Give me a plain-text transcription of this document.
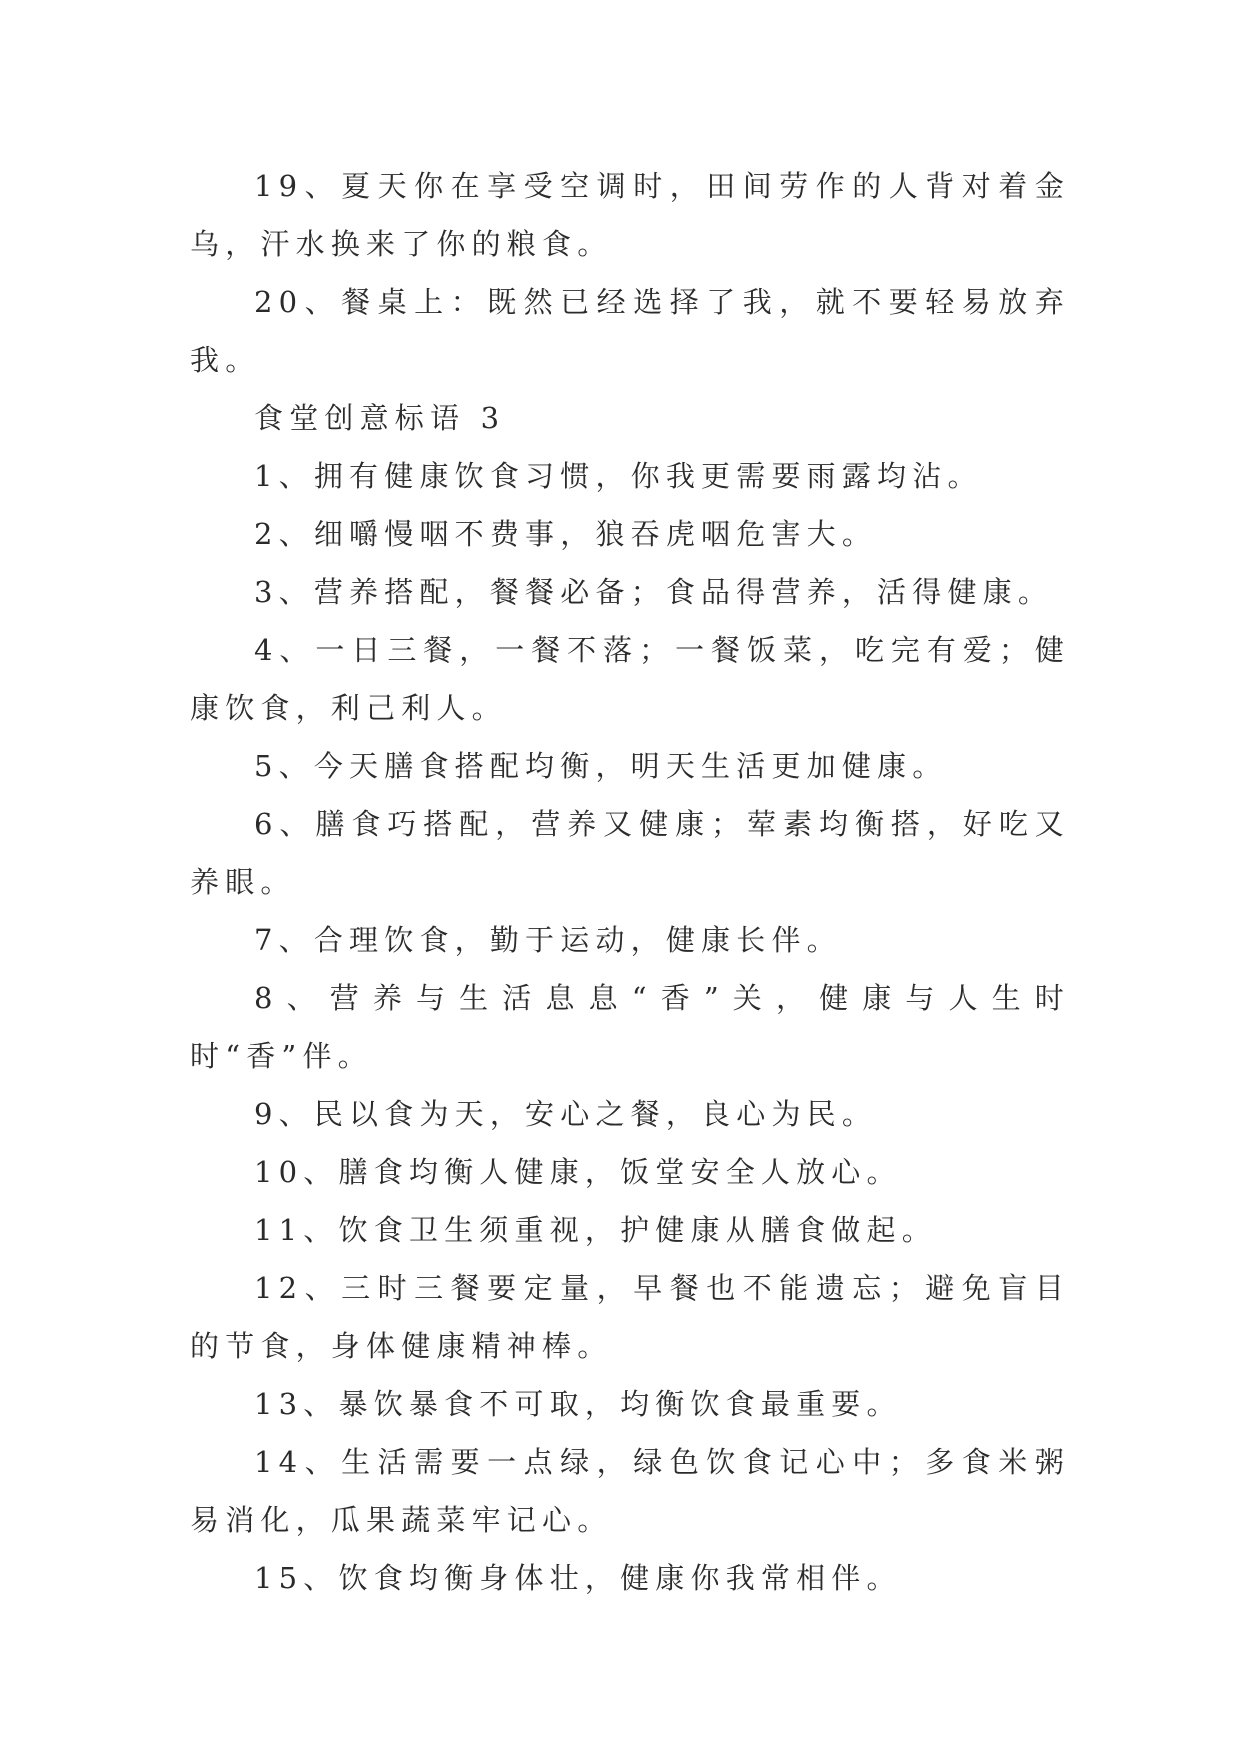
19、夏天你在享受空调时，田间劳作的人背对着金乌，汗水换来了你的粮食。

20、餐桌上：既然已经选择了我，就不要轻易放弃我。

食堂创意标语 3

1、拥有健康饮食习惯，你我更需要雨露均沾。

2、细嚼慢咽不费事，狼吞虎咽危害大。

3、营养搭配，餐餐必备；食品得营养，活得健康。

4、一日三餐，一餐不落；一餐饭菜，吃完有爱；健康饮食，利己利人。

5、今天膳食搭配均衡，明天生活更加健康。

6、膳食巧搭配，营养又健康；荤素均衡搭，好吃又养眼。

7、合理饮食，勤于运动，健康长伴。

8、营养与生活息息“香”关，健康与人生时时“香”伴。

9、民以食为天，安心之餐，良心为民。

10、膳食均衡人健康，饭堂安全人放心。

11、饮食卫生须重视，护健康从膳食做起。

12、三时三餐要定量，早餐也不能遗忘；避免盲目的节食，身体健康精神棒。

13、暴饮暴食不可取，均衡饮食最重要。

14、生活需要一点绿，绿色饮食记心中；多食米粥易消化，瓜果蔬菜牢记心。

15、饮食均衡身体壮，健康你我常相伴。
